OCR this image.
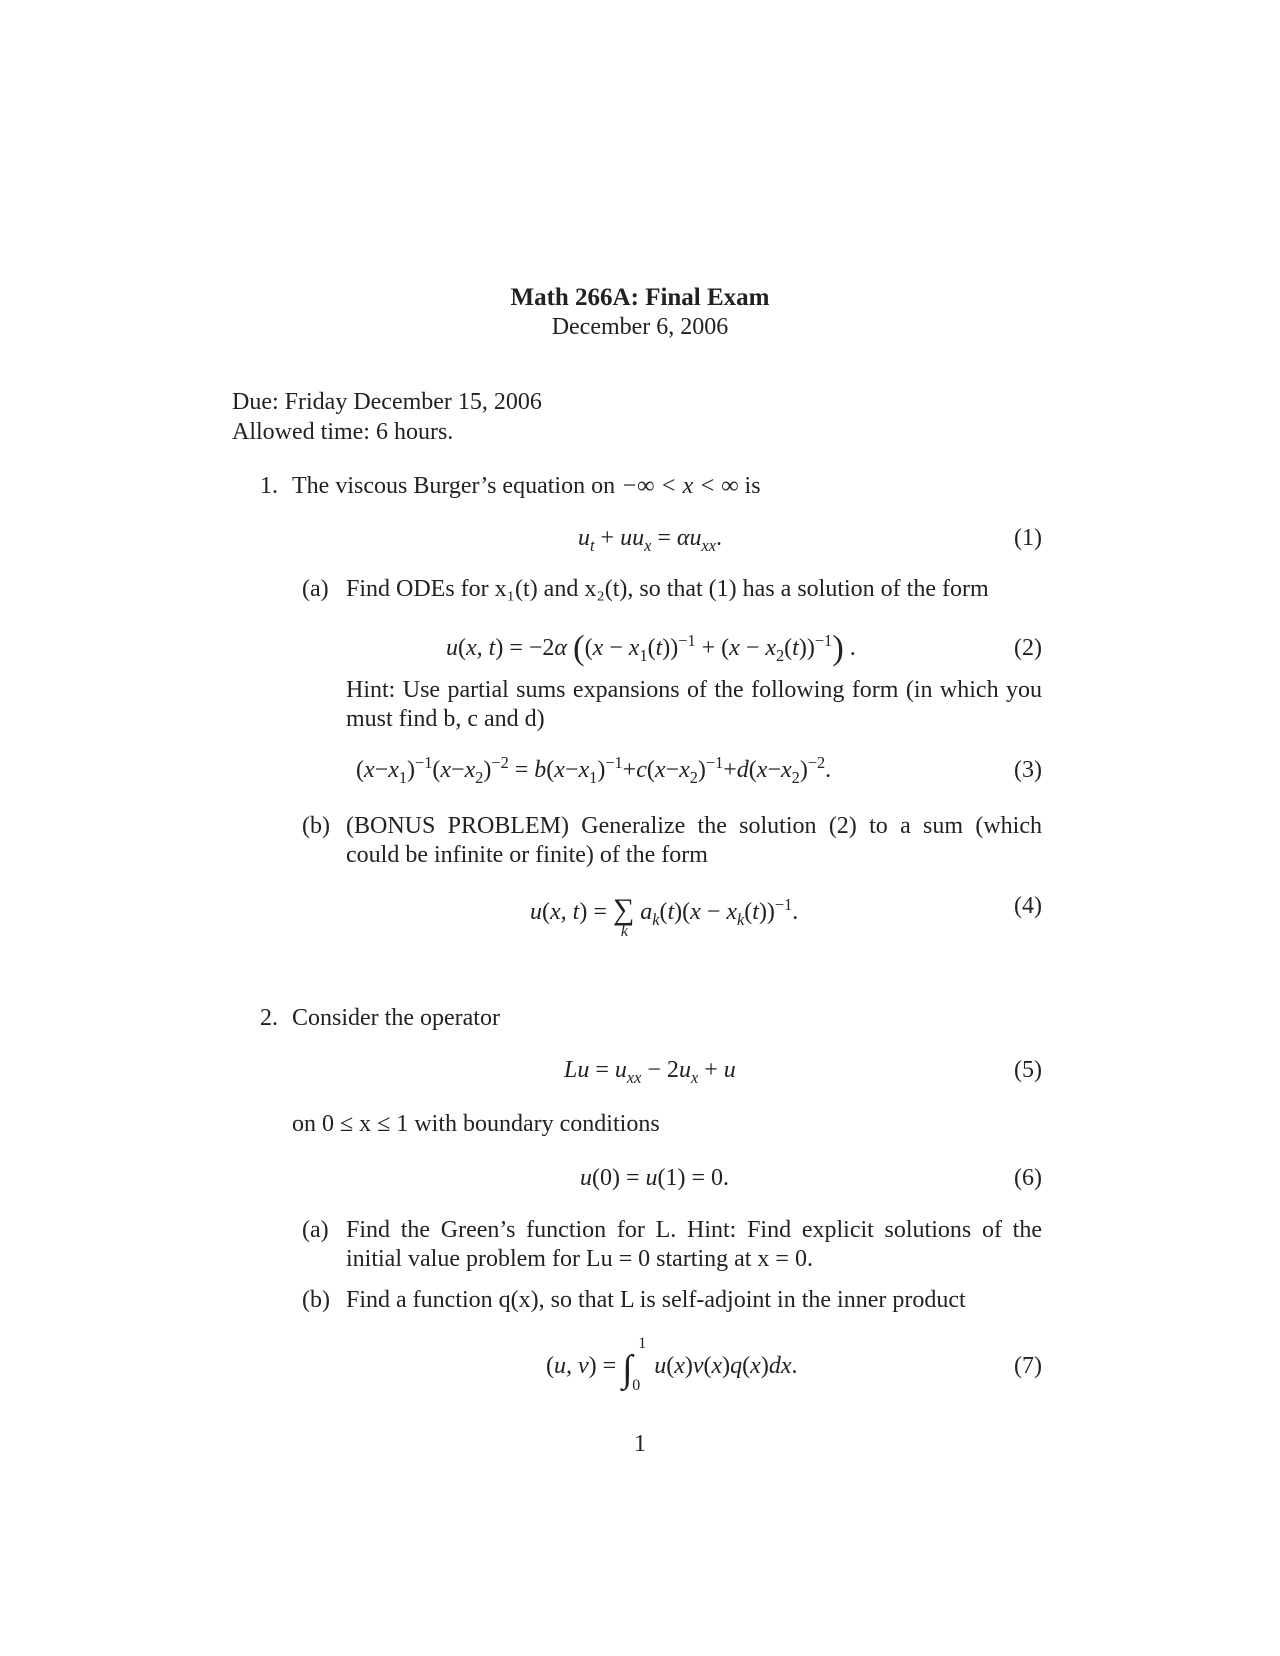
Math 266A: Final Exam
December 6, 2006
Due: Friday December 15, 2006
Allowed time: 6 hours.
1. The viscous Burger’s equation on −∞ < x < ∞ is
$u_t + uu_x = \alpha u_{xx}$.	(1)
(a) Find ODEs for x₁(t) and x₂(t), so that (1) has a solution of the form
u(x, t) = −2α $((x - x_1(t))^{-1} + (x - x_2(t))^{-1})$ .	(2)
Hint: Use partial sums expansions of the following form (in which you must find b, c and d)
$(x-x_1)^{-1}(x-x_2)^{-2} = b(x-x_1)^{-1}+c(x-x_2)^{-1}+d(x-x_2)^{-2}$.	(3)
(b) (BONUS PROBLEM) Generalize the solution (2) to a sum (which could be infinite or finite) of the form
u(x, t) = ∑
k
$a_k(t)(x - x_k(t))^{-1}$.	(4)
2. Consider the operator
$Lu = u_{xx} - 2u_x + u$	(5)
on 0 ≤ x ≤ 1 with boundary conditions
u(0) = u(1) = 0.	(6)
(a) Find the Green’s function for L. Hint: Find explicit solutions of the initial value problem for Lu = 0 starting at x = 0.
(b) Find a function q(x), so that L is self-adjoint in the inner product
(u, v) = ∫
1
0
u(x)v(x)q(x)dx.	(7)
1
